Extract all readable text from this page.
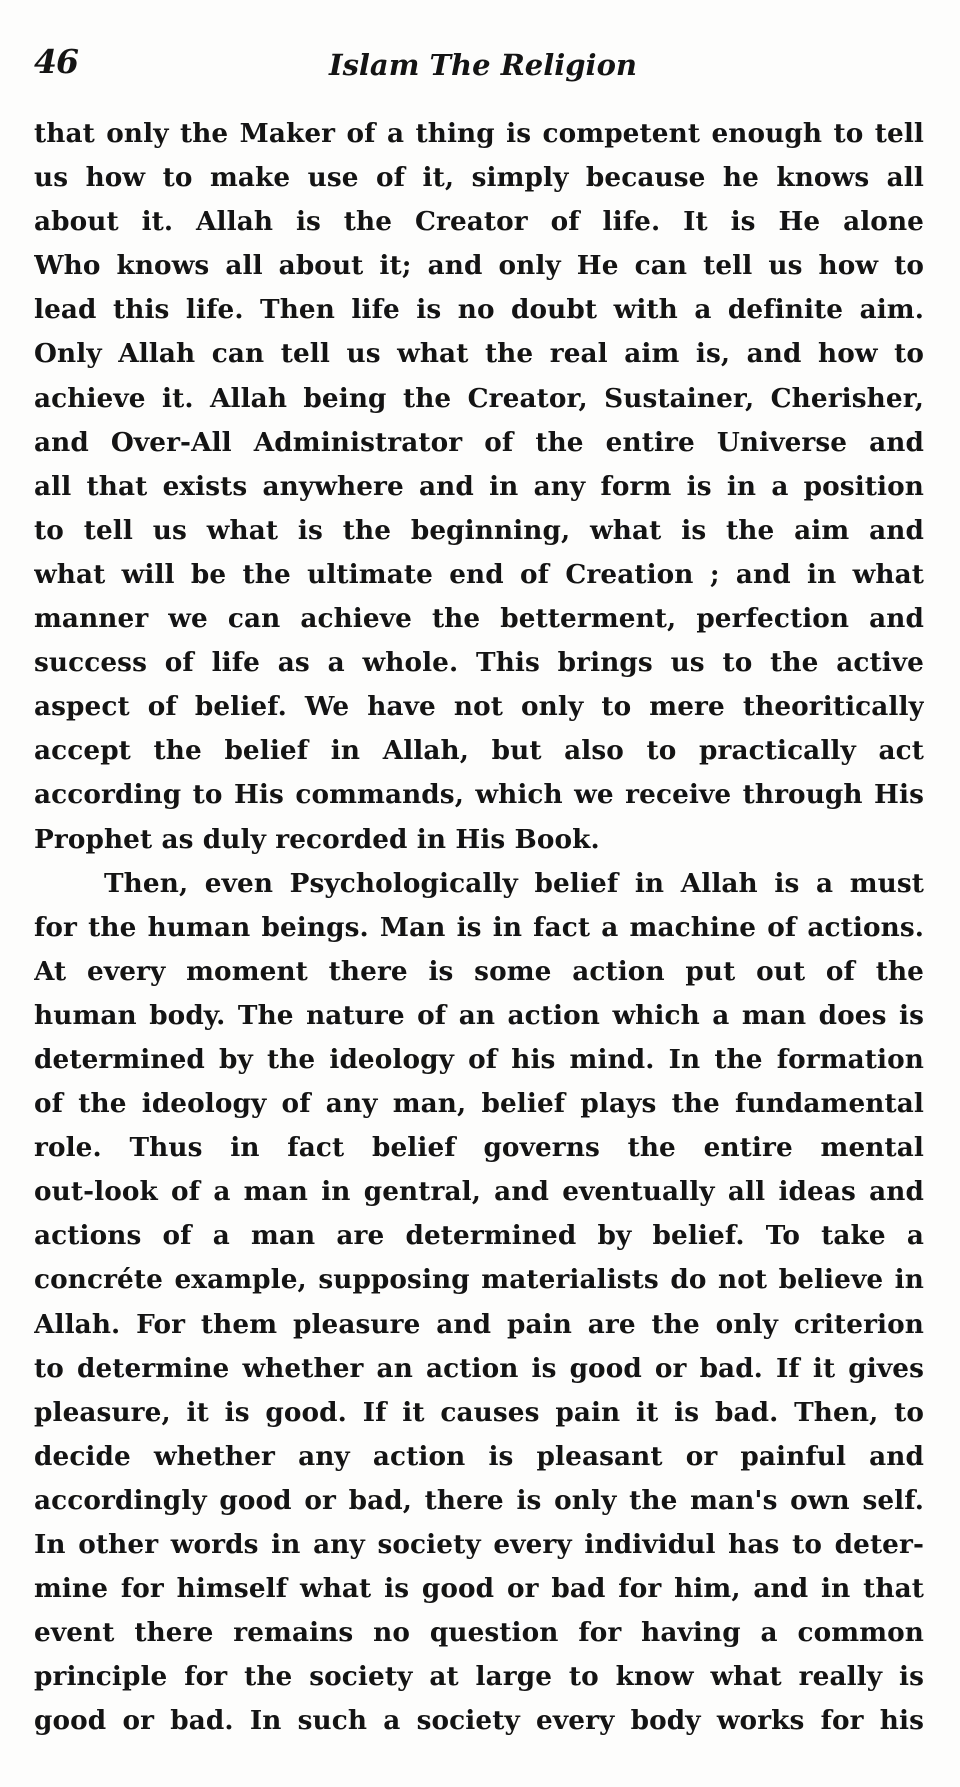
46	Islam The Religion
that only the Maker of a thing is competent enough to tell
us how to make use of it, simply because he knows all
about it. Allah is the Creator of life. It is He alone
Who knows all about it; and only He can tell us how to
lead this life. Then life is no doubt with a definite aim.
Only Allah can tell us what the real aim is, and how to
achieve it. Allah being the Creator, Sustainer, Cherisher,
and Over-All Administrator of the entire Universe and
all that exists anywhere and in any form is in a position
to tell us what is the beginning, what is the aim and
what will be the ultimate end of Creation ; and in what
manner we can achieve the betterment, perfection and
success of life as a whole. This brings us to the active
aspect of belief. We have not only to mere theoritically
accept the belief in Allah, but also to practically act
according to His commands, which we receive through His
Prophet as duly recorded in His Book.
Then, even Psychologically belief in Allah is a must
for the human beings. Man is in fact a machine of actions.
At every moment there is some action put out of the
human body. The nature of an action which a man does is
determined by the ideology of his mind. In the formation
of the ideology of any man, belief plays the fundamental
role. Thus in fact belief governs the entire mental
out-look of a man in gentral, and eventually all ideas and
actions of a man are determined by belief. To take a
concréte example, supposing materialists do not believe in
Allah. For them pleasure and pain are the only criterion
to determine whether an action is good or bad. If it gives
pleasure, it is good. If it causes pain it is bad. Then, to
decide whether any action is pleasant or painful and
accordingly good or bad, there is only the man's own self.
In other words in any society every individul has to deter-
mine for himself what is good or bad for him, and in that
event there remains no question for having a common
principle for the society at large to know what really is
good or bad. In such a society every body works for his
